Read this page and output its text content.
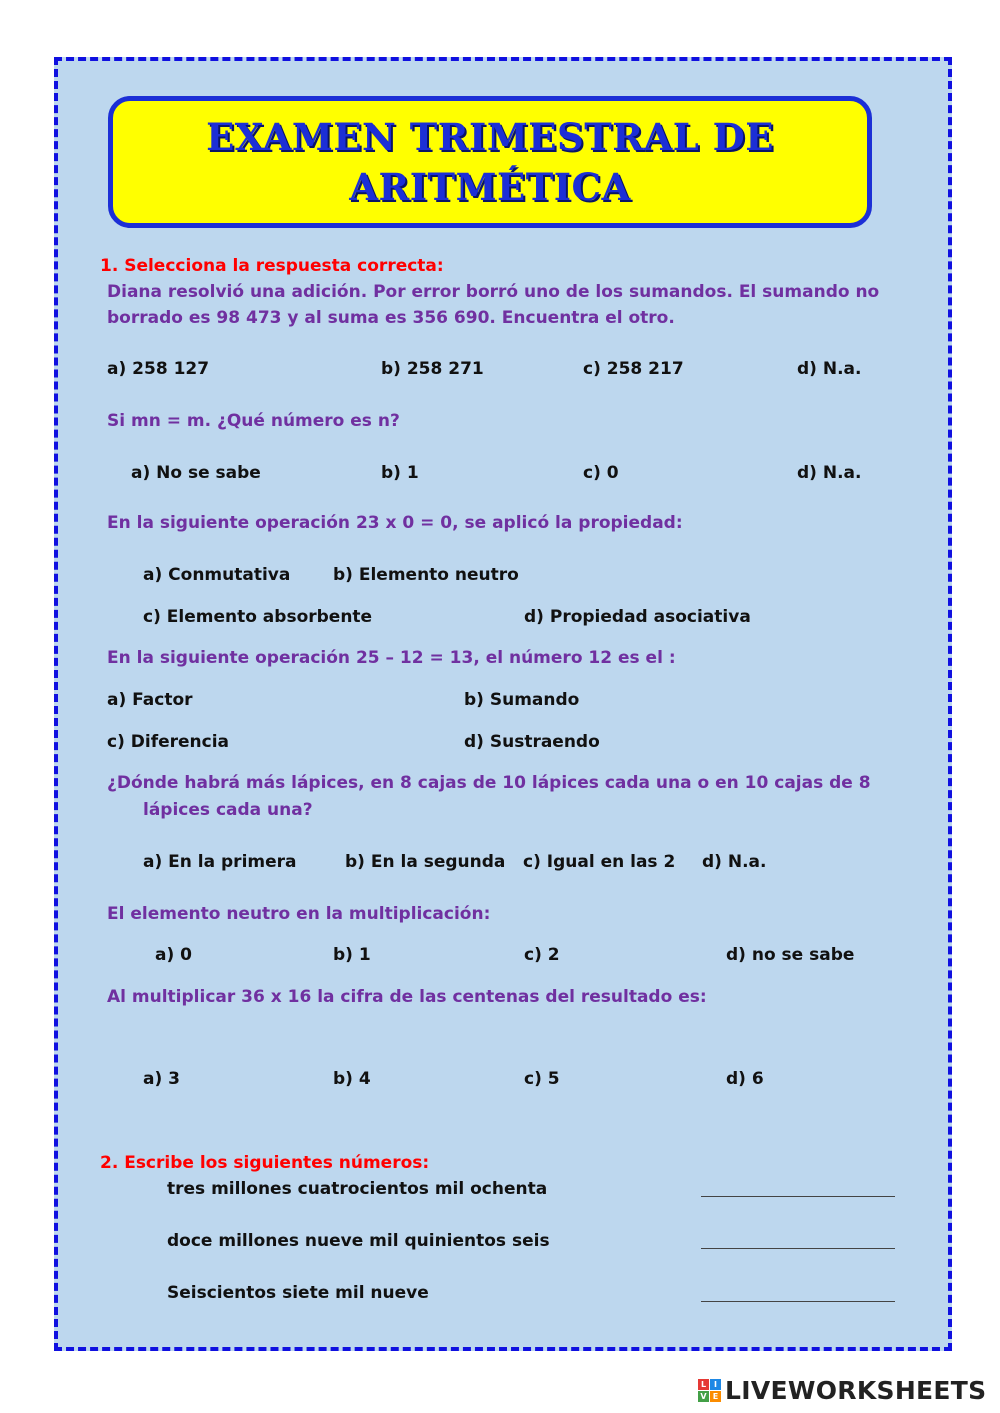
EXAMEN TRIMESTRAL DE
ARITMÉTICA
1. Selecciona la respuesta correcta:
Diana resolvió una adición. Por error borró uno de los sumandos. El sumando no
borrado es 98 473 y al suma es 356 690. Encuentra el otro.
a) 258 127	b) 258 271	c) 258 217	d) N.a.
Si mn = m. ¿Qué número es n?
a) No se sabe	b) 1	c) 0	d) N.a.
En la siguiente operación 23 x 0 = 0, se aplicó la propiedad:
a) Conmutativa	b) Elemento neutro
c) Elemento absorbente	d) Propiedad asociativa
En la siguiente operación 25 – 12 = 13, el número 12 es el :
a) Factor	b) Sumando
c) Diferencia	d) Sustraendo
¿Dónde habrá más lápices, en 8 cajas de 10 lápices cada una o en 10 cajas de 8
lápices cada una?
a) En la primera	b) En la segunda c) Igual en las 2 d) N.a.
El elemento neutro en la multiplicación:
a) 0	b) 1	c) 2	d) no se sabe
Al multiplicar 36 x 16 la cifra de las centenas del resultado es:
a) 3	b) 4	c) 5	d) 6
2. Escribe los siguientes números:
tres millones cuatrocientos mil ochenta
doce millones nueve mil quinientos seis
Seiscientos siete mil nueve
L I
V E LIVEWORKSHEETS
